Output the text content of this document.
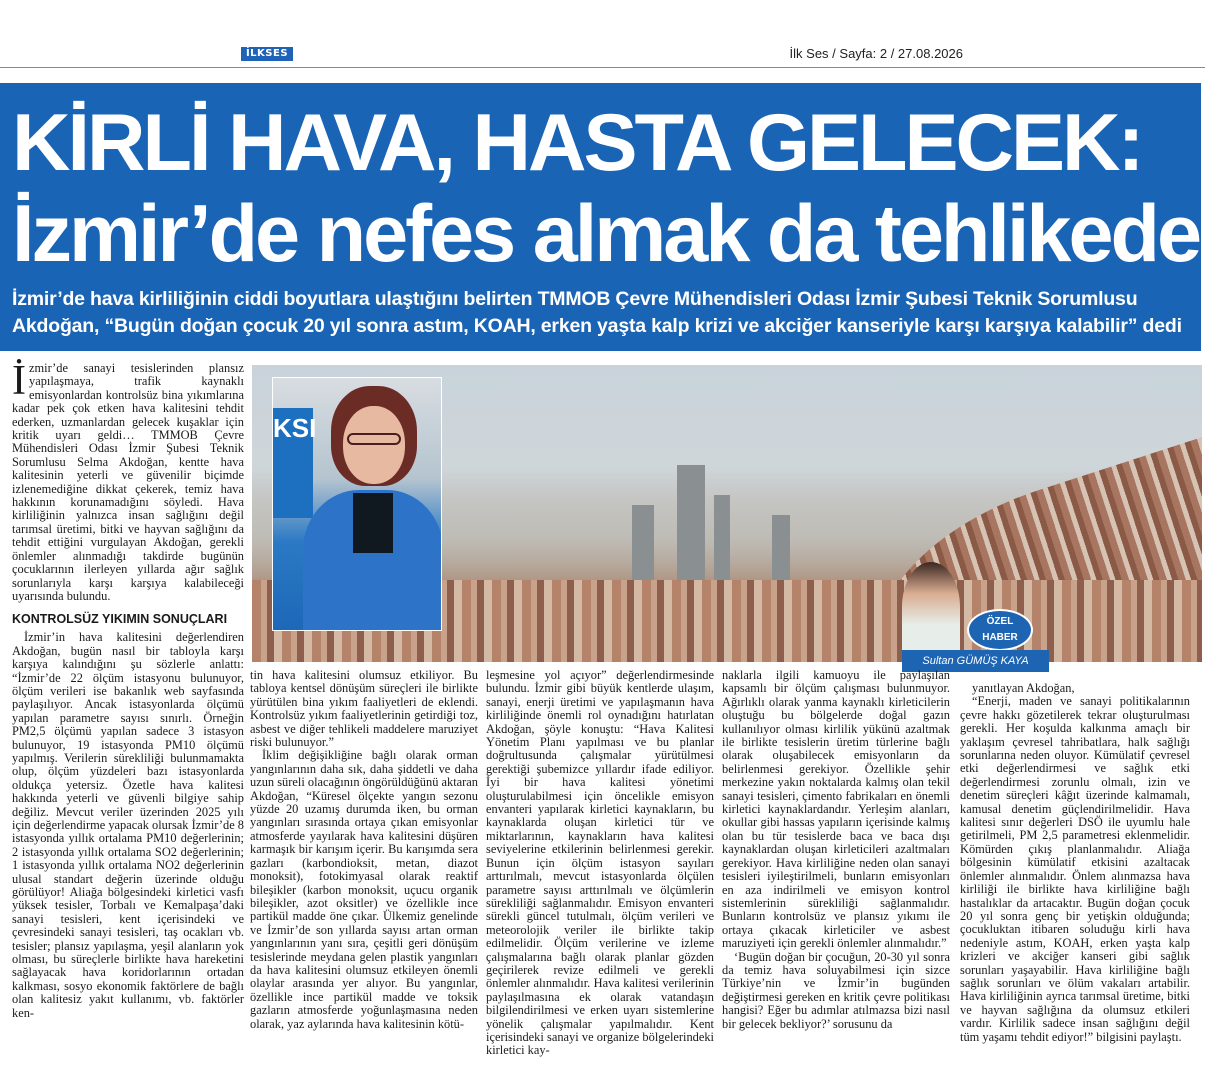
İLKSES	İlk Ses / Sayfa: 2 / 27.08.2026
KİRLİ HAVA, HASTA GELECEK:
İzmir’de nefes almak da tehlikede
İzmir’de hava kirliliğinin ciddi boyutlara ulaştığını belirten TMMOB Çevre Mühendisleri Odası İzmir Şubesi Teknik Sorumlusu
Akdoğan, “Bugün doğan çocuk 20 yıl sonra astım, KOAH, erken yaşta kalp krizi ve akciğer kanseriyle karşı karşıya kalabilir” dedi
KSI
ÖZEL
HABER
Sultan GÜMÜŞ KAYA

İzmir’de sanayi tesislerinden plansız yapılaşmaya, trafik kaynaklı emisyonlardan kontrolsüz bina yıkımlarına kadar pek çok etken hava kalitesini tehdit ederken, uzmanlardan gelecek kuşaklar için kritik uyarı geldi… TMMOB Çevre Mühendisleri Odası İzmir Şubesi Teknik Sorumlusu Selma Akdoğan, kentte hava kalitesinin yeterli ve güvenilir biçimde izlenemediğine dikkat çekerek, temiz hava hakkının korunamadığını söyledi. Hava kirliliğinin yalnızca insan sağlığını değil tarımsal üretimi, bitki ve hayvan sağlığını da tehdit ettiğini vurgulayan Akdoğan, gerekli önlemler alınmadığı takdirde bugünün çocuklarının ilerleyen yıllarda ağır sağlık sorunlarıyla karşı karşıya kalabileceği uyarısında bulundu.

KONTROLSÜZ YIKIMIN SONUÇLARI

İzmir’in hava kalitesini değerlendiren Akdoğan, bugün nasıl bir tabloyla karşı karşıya kalındığını şu sözlerle anlattı: “İzmir’de 22 ölçüm istasyonu bulunuyor, ölçüm verileri ise bakanlık web sayfasında paylaşılıyor. Ancak istasyonlarda ölçümü yapılan parametre sayısı sınırlı. Örneğin PM2,5 ölçümü yapılan sadece 3 istasyon bulunuyor, 19 istasyonda PM10 ölçümü yapılmış. Verilerin sürekliliği bulunmamakta olup, ölçüm yüzdeleri bazı istasyonlarda oldukça yetersiz. Özetle hava kalitesi hakkında yeterli ve güvenli bilgiye sahip değiliz. Mevcut veriler üzerinden 2025 yılı için değerlendirme yapacak olursak İzmir’de 8 istasyonda yıllık ortalama PM10 değerlerinin; 2 istasyonda yıllık ortalama SO2 değerlerinin; 1 istasyonda yıllık ortalama NO2 değerlerinin ulusal standart değerin üzerinde olduğu görülüyor! Aliağa bölgesindeki kirletici vasfı yüksek tesisler, Torbalı ve Kemalpaşa’daki sanayi tesisleri, kent içerisindeki ve çevresindeki sanayi tesisleri, taş ocakları vb. tesisler; plansız yapılaşma, yeşil alanların yok olması, bu süreçlerle birlikte hava hareketini sağlayacak hava koridorlarının ortadan kalkması, sosyo ekonomik faktörlere de bağlı olan kalitesiz yakıt kullanımı, vb. faktörler ken-

tin hava kalitesini olumsuz etkiliyor. Bu tabloya kentsel dönüşüm süreçleri ile birlikte yürütülen bina yıkım faaliyetleri de eklendi. Kontrolsüz yıkım faaliyetlerinin getirdiği toz, asbest ve diğer tehlikeli maddelere maruziyet riski bulunuyor.”

İklim değişikliğine bağlı olarak orman yangınlarının daha sık, daha şiddetli ve daha uzun süreli olacağının öngörüldüğünü aktaran Akdoğan, “Küresel ölçekte yangın sezonu yüzde 20 uzamış durumda iken, bu orman yangınları sırasında ortaya çıkan emisyonlar atmosferde yayılarak hava kalitesini düşüren karmaşık bir karışım içerir. Bu karışımda sera gazları (karbondioksit, metan, diazot monoksit), fotokimyasal olarak reaktif bileşikler (karbon monoksit, uçucu organik bileşikler, azot oksitler) ve özellikle ince partikül madde öne çıkar. Ülkemiz genelinde ve İzmir’de son yıllarda sayısı artan orman yangınlarının yanı sıra, çeşitli geri dönüşüm tesislerinde meydana gelen plastik yangınları da hava kalitesini olumsuz etkileyen önemli olaylar arasında yer alıyor. Bu yangınlar, özellikle ince partikül madde ve toksik gazların atmosferde yoğunlaşmasına neden olarak, yaz aylarında hava kalitesinin kötü-

leşmesine yol açıyor” değerlendirmesinde bulundu. İzmir gibi büyük kentlerde ulaşım, sanayi, enerji üretimi ve yapılaşmanın hava kirliliğinde önemli rol oynadığını hatırlatan Akdoğan, şöyle konuştu: “Hava Kalitesi Yönetim Planı yapılması ve bu planlar doğrultusunda çalışmalar yürütülmesi gerektiği şubemizce yıllardır ifade ediliyor. İyi bir hava kalitesi yönetimi oluşturulabilmesi için öncelikle emisyon envanteri yapılarak kirletici kaynakların, bu kaynaklarda oluşan kirletici tür ve miktarlarının, kaynakların hava kalitesi seviyelerine etkilerinin belirlenmesi gerekir. Bunun için ölçüm istasyon sayıları arttırılmalı, mevcut istasyonlarda ölçülen parametre sayısı arttırılmalı ve ölçümlerin sürekliliği sağlanmalıdır. Emisyon envanteri sürekli güncel tutulmalı, ölçüm verileri ve meteorolojik veriler ile birlikte takip edilmelidir. Ölçüm verilerine ve izleme çalışmalarına bağlı olarak planlar gözden geçirilerek revize edilmeli ve gerekli önlemler alınmalıdır. Hava kalitesi verilerinin paylaşılmasına ek olarak vatandaşın bilgilendirilmesi ve erken uyarı sistemlerine yönelik çalışmalar yapılmalıdır. Kent içerisindeki sanayi ve organize bölgelerindeki kirletici kay-

naklarla ilgili kamuoyu ile paylaşılan kapsamlı bir ölçüm çalışması bulunmuyor. Ağırlıklı olarak yanma kaynaklı kirleticilerin oluştuğu bu bölgelerde doğal gazın kullanılıyor olması kirlilik yükünü azaltmak ile birlikte tesislerin üretim türlerine bağlı olarak oluşabilecek emisyonların da belirlenmesi gerekiyor. Özellikle şehir merkezine yakın noktalarda kalmış olan tekil sanayi tesisleri, çimento fabrikaları en önemli kirletici kaynaklardandır. Yerleşim alanları, okullar gibi hassas yapıların içerisinde kalmış olan bu tür tesislerde baca ve baca dışı kaynaklardan oluşan kirleticileri azaltmaları gerekiyor. Hava kirliliğine neden olan sanayi tesisleri iyileştirilmeli, bunların emisyonları en aza indirilmeli ve emisyon kontrol sistemlerinin sürekliliği sağlanmalıdır. Bunların kontrolsüz ve plansız yıkımı ile ortaya çıkacak kirleticiler ve asbest maruziyeti için gerekli önlemler alınmalıdır.”

‘Bugün doğan bir çocuğun, 20-30 yıl sonra da temiz hava soluyabilmesi için sizce Türkiye’nin ve İzmir’in bugünden değiştirmesi gereken en kritik çevre politikası hangisi? Eğer bu adımlar atılmazsa bizi nasıl bir gelecek bekliyor?’ sorusunu da

yanıtlayan Akdoğan,

“Enerji, maden ve sanayi politikalarının çevre hakkı gözetilerek tekrar oluşturulması gerekli. Her koşulda kalkınma amaçlı bir yaklaşım çevresel tahribatlara, halk sağlığı sorunlarına neden oluyor. Kümülatif çevresel etki değerlendirmesi ve sağlık etki değerlendirmesi zorunlu olmalı, izin ve denetim süreçleri kâğıt üzerinde kalmamalı, kamusal denetim güçlendirilmelidir. Hava kalitesi sınır değerleri DSÖ ile uyumlu hale getirilmeli, PM 2,5 parametresi eklenmelidir. Kömürden çıkış planlanmalıdır. Aliağa bölgesinin kümülatif etkisini azaltacak önlemler alınmalıdır. Önlem alınmazsa hava kirliliği ile birlikte hava kirliliğine bağlı hastalıklar da artacaktır. Bugün doğan çocuk 20 yıl sonra genç bir yetişkin olduğunda; çocukluktan itibaren soluduğu kirli hava nedeniyle astım, KOAH, erken yaşta kalp krizleri ve akciğer kanseri gibi sağlık sorunları yaşayabilir. Hava kirliliğine bağlı sağlık sorunları ve ölüm vakaları artabilir. Hava kirliliğinin ayrıca tarımsal üretime, bitki ve hayvan sağlığına da olumsuz etkileri vardır. Kirlilik sadece insan sağlığını değil tüm yaşamı tehdit ediyor!” bilgisini paylaştı.
